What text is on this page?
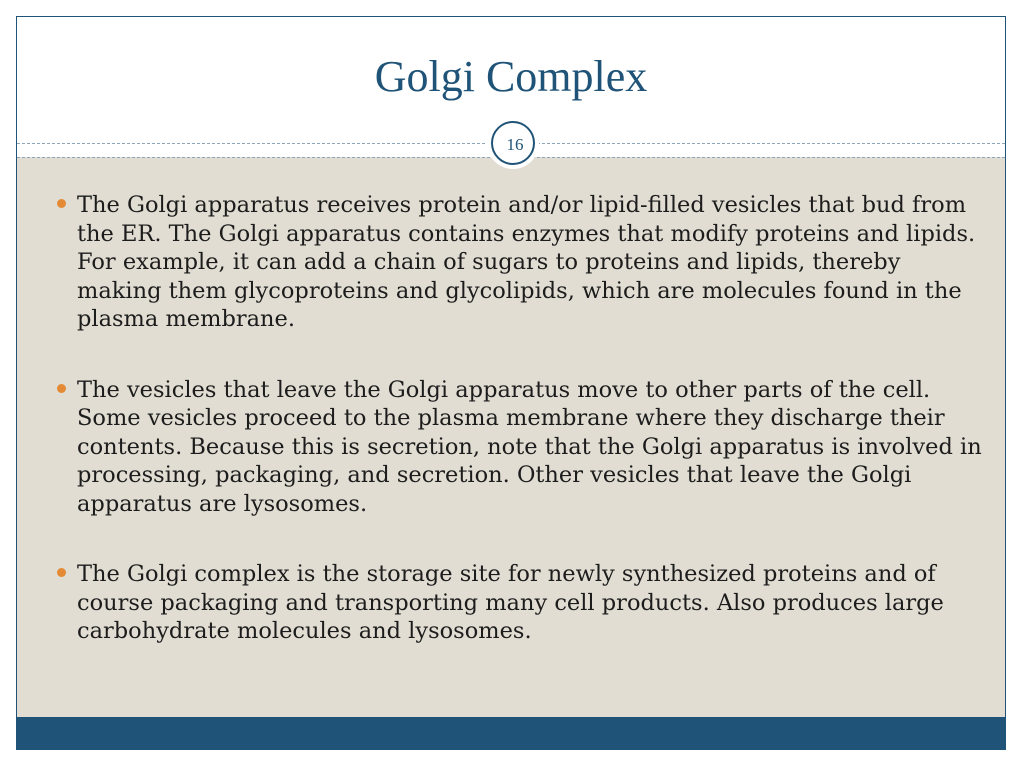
Golgi Complex
16
The Golgi apparatus receives protein and/or lipid-filled vesicles that bud from the ER. The Golgi apparatus contains enzymes that modify proteins and lipids. For example, it can add a chain of sugars to proteins and lipids, thereby making them glycoproteins and glycolipids, which are molecules found in the plasma membrane.
The vesicles that leave the Golgi apparatus move to other parts of the cell. Some vesicles proceed to the plasma membrane where they discharge their contents. Because this is secretion, note that the Golgi apparatus is involved in processing, packaging, and secretion. Other vesicles that leave the Golgi apparatus are lysosomes.
The Golgi complex is the storage site for newly synthesized proteins and of course packaging and transporting many cell products. Also produces large carbohydrate molecules and lysosomes.
